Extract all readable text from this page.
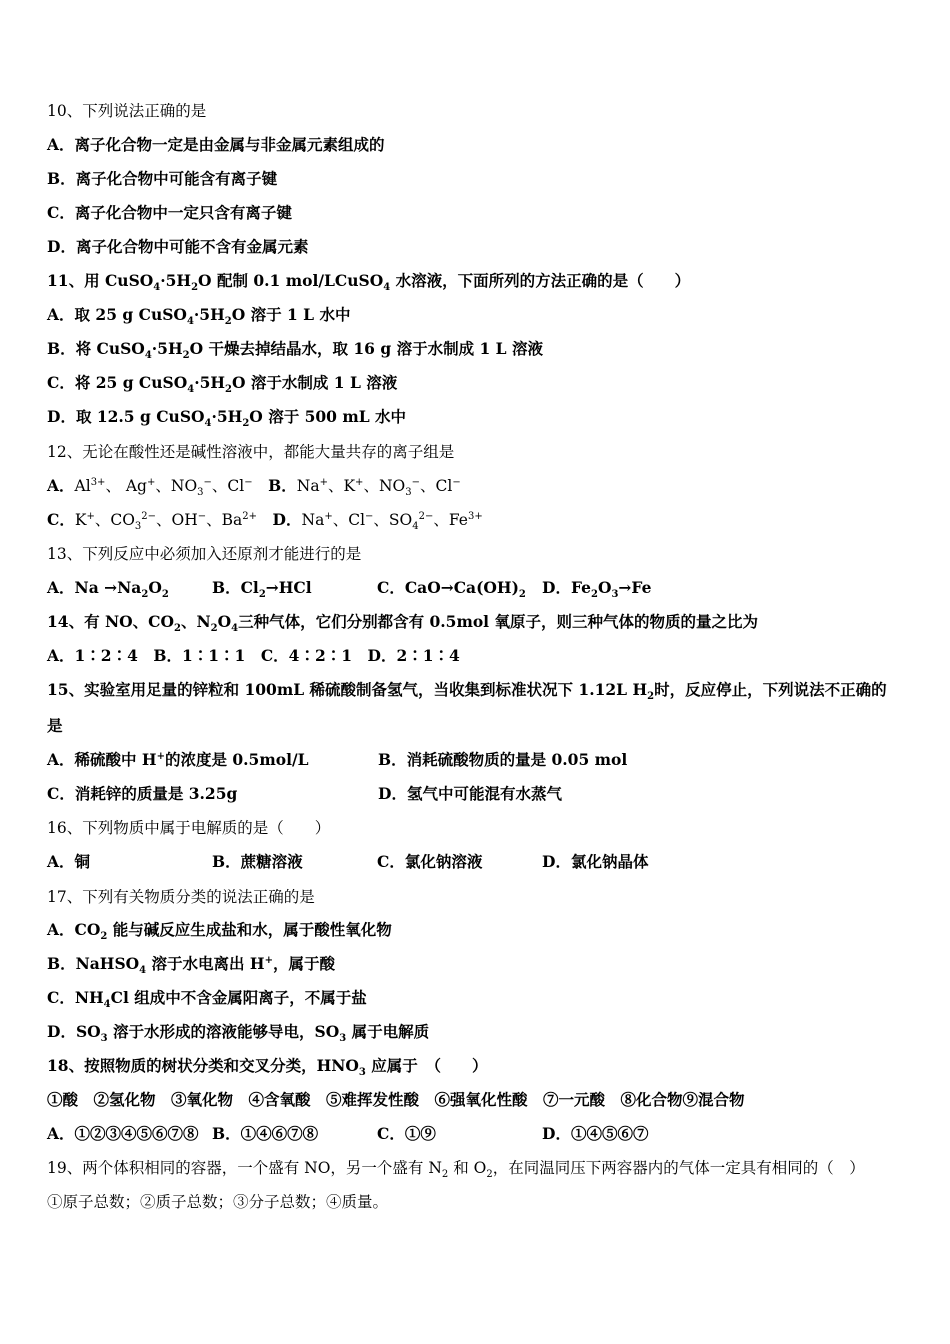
10、下列说法正确的是
A．离子化合物一定是由金属与非金属元素组成的
B．离子化合物中可能含有离子键
C．离子化合物中一定只含有离子键
D．离子化合物中可能不含有金属元素
11、用 $CuSO_4\cdot 5H_2O$ 配制 0.1 mol/LCuSO$_4$ 水溶液，下面所列的方法正确的是（　　）
A．取 25 g $CuSO_4\cdot 5H_2O$ 溶于 1 L 水中
B．将 $CuSO_4\cdot 5H_2O$ 干燥去掉结晶水，取 16 g 溶于水制成 1 L 溶液
C．将 25 g $CuSO_4\cdot 5H_2O$ 溶于水制成 1 L 溶液
D．取 12.5 g $CuSO_4\cdot 5H_2O$ 溶于 500 mL 水中
12、无论在酸性还是碱性溶液中，都能大量共存的离子组是
A．$Al^{3+}$、 Ag+、$NO_3^-$、Cl−　B．Na+、K+、$NO_3^-$、Cl−
C．K+、$CO_3^{2-}$、OH−、$Ba^{2+}$　D．Na+、Cl−、$SO_4^{2-}$、$Fe^{3+}$
13、下列反应中必须加入还原剂才能进行的是
A．$Na \to Na_2O_2$	B．$Cl_2\to HCl$	C．$CaO\to Ca(OH)_2$ D．$Fe_2O_3\to Fe$
14、有 NO、$CO_2$、$N_2O_4$三种气体，它们分别都含有 0.5mol 氧原子，则三种气体的物质的量之比为
A．1∶2∶4　B．1∶1∶1　C．4∶2∶1　D．2∶1∶4
15、实验室用足量的锌粒和 100mL 稀硫酸制备氢气，当收集到标准状况下 1.12L $H_2$时，反应停止，下列说法不正确的
是
A．稀硫酸中 H+的浓度是 0.5mol/L	B．消耗硫酸物质的量是 0.05 mol
C．消耗锌的质量是 3.25g	D．氢气中可能混有水蒸气
16、下列物质中属于电解质的是（　　）
A．铜	B．蔗糖溶液	C．氯化钠溶液	D．氯化钠晶体
17、下列有关物质分类的说法正确的是
A．$CO_2$ 能与碱反应生成盐和水，属于酸性氧化物
B．NaHSO$_4$ 溶于水电离出 H+，属于酸
C．$NH_4Cl$ 组成中不含金属阳离子，不属于盐
D．$SO_3$ 溶于水形成的溶液能够导电，$SO_3$ 属于电解质
18、按照物质的树状分类和交叉分类，$HNO_3$ 应属于　（　　）
①酸　②氢化物　③氧化物　④含氧酸　⑤难挥发性酸　⑥强氧化性酸　⑦一元酸　⑧化合物⑨混合物
A．①②③④⑤⑥⑦⑧ B．①④⑥⑦⑧	C．①⑨	D．①④⑤⑥⑦
19、两个体积相同的容器，一个盛有 NO，另一个盛有 $N_2$ 和 $O_2$，在同温同压下两容器内的气体一定具有相同的（　）
①原子总数；②质子总数；③分子总数；④质量。
